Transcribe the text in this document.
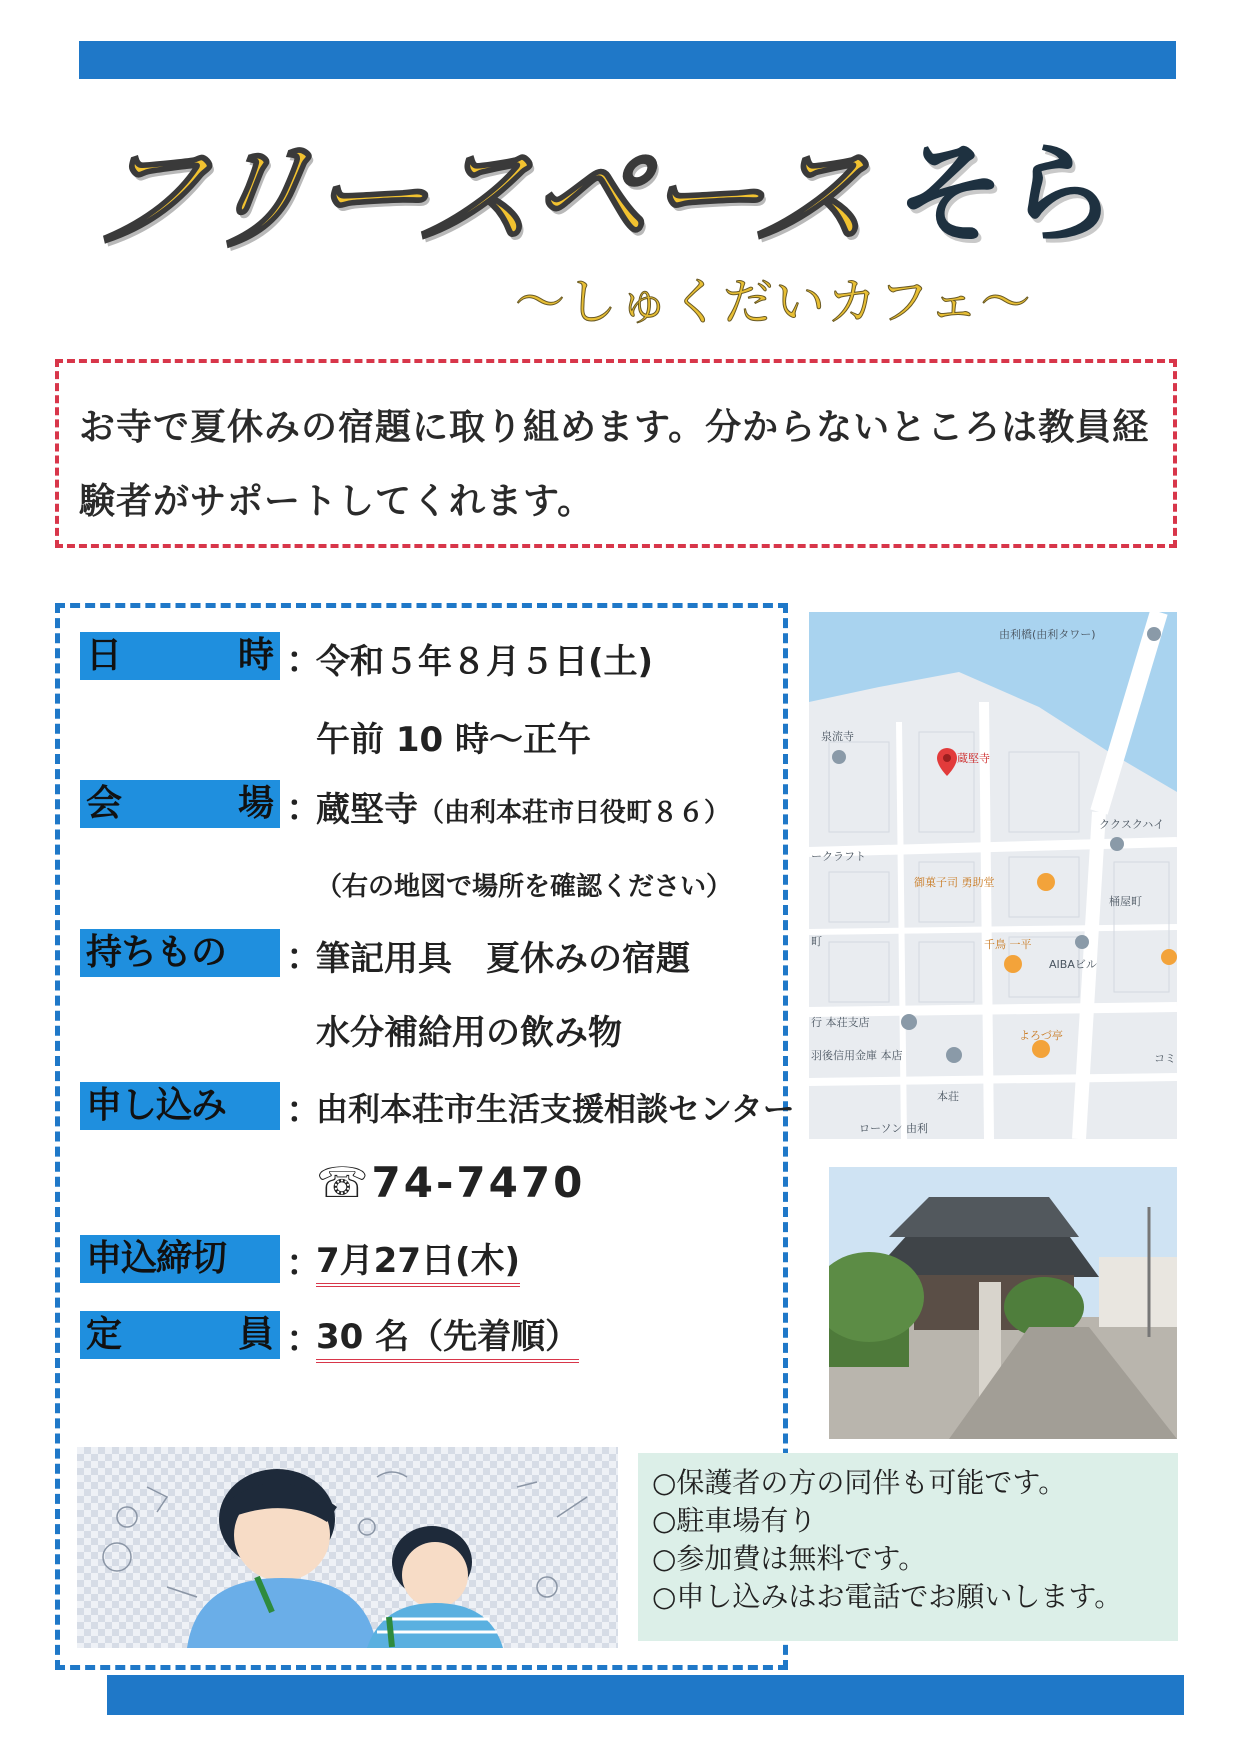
フリースペース そら
～しゅくだいカフェ～
お寺で夏休みの宿題に取り組めます。分からないところは教員経
験者がサポートしてくれます。
日	時 ：
令和５年８月５日(土)
午前 10 時～正午
会	場 ：
蔵堅寺（由利本荘市日役町８６）
（右の地図で場所を確認ください）
持ちもの	：
筆記用具　夏休みの宿題
水分補給用の飲み物
申し込み	：
由利本荘市生活支援相談センター
☏74-7470
申込締切	：
7月27日(木)
定	員 ：
30 名（先着順）
由利橋(由利タワー)
泉流寺
蔵堅寺
ククスクハイ
ークラフト
御菓子司 勇助堂
桶屋町
町	千鳥 一平
AIBAビル
行 本荘支店
羽後信用金庫 本店
よろづ亭
本荘
ローソン 由利
コミ
○保護者の方の同伴も可能です。
○駐車場有り
○参加費は無料です。
○申し込みはお電話でお願いします。
